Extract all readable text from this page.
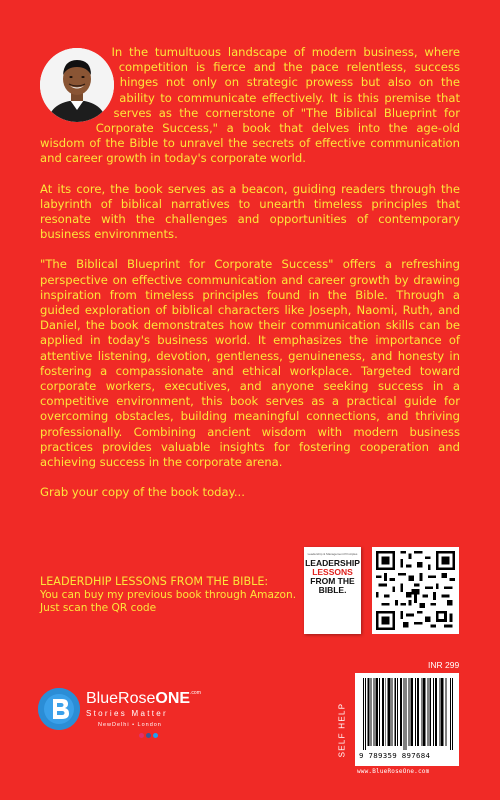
In the tumultuous landscape of modern business, where competition is fierce and the pace relentless, success hinges not only on strategic prowess but also on the ability to communicate effectively. It is this premise that serves as the cornerstone of "The Biblical Blueprint for Corporate Success," a book that delves into the age-old wisdom of the Bible to unravel the secrets of effective communication and career growth in today's corporate world.

At its core, the book serves as a beacon, guiding readers through the labyrinth of biblical narratives to unearth timeless principles that resonate with the challenges and opportunities of contemporary business environments.

"The Biblical Blueprint for Corporate Success" offers a refreshing perspective on effective communication and career growth by drawing inspiration from timeless principles found in the Bible. Through a guided exploration of biblical characters like Joseph, Naomi, Ruth, and Daniel, the book demonstrates how their communication skills can be applied in today's business world. It emphasizes the importance of attentive listening, devotion, gentleness, genuineness, and honesty in fostering a compassionate and ethical workplace. Targeted toward corporate workers, executives, and anyone seeking success in a competitive environment, this book serves as a practical guide for overcoming obstacles, building meaningful connections, and thriving professionally. Combining ancient wisdom with modern business practices provides valuable insights for fostering cooperation and achieving success in the corporate arena.

Grab your copy of the book today...

LEADERDHIP LESSONS FROM THE BIBLE:
You can buy my previous book through Amazon.
Just scan the QR code
Leadership & Management Principles
LEADERSHIP
LESSONS
FROM THE BIBLE.
INR 299
SELF HELP 9 789359 897684
www.BlueRoseOne.com
BlueRoseONE$^{.com}$
Stories Matter
NewDelhi • London
